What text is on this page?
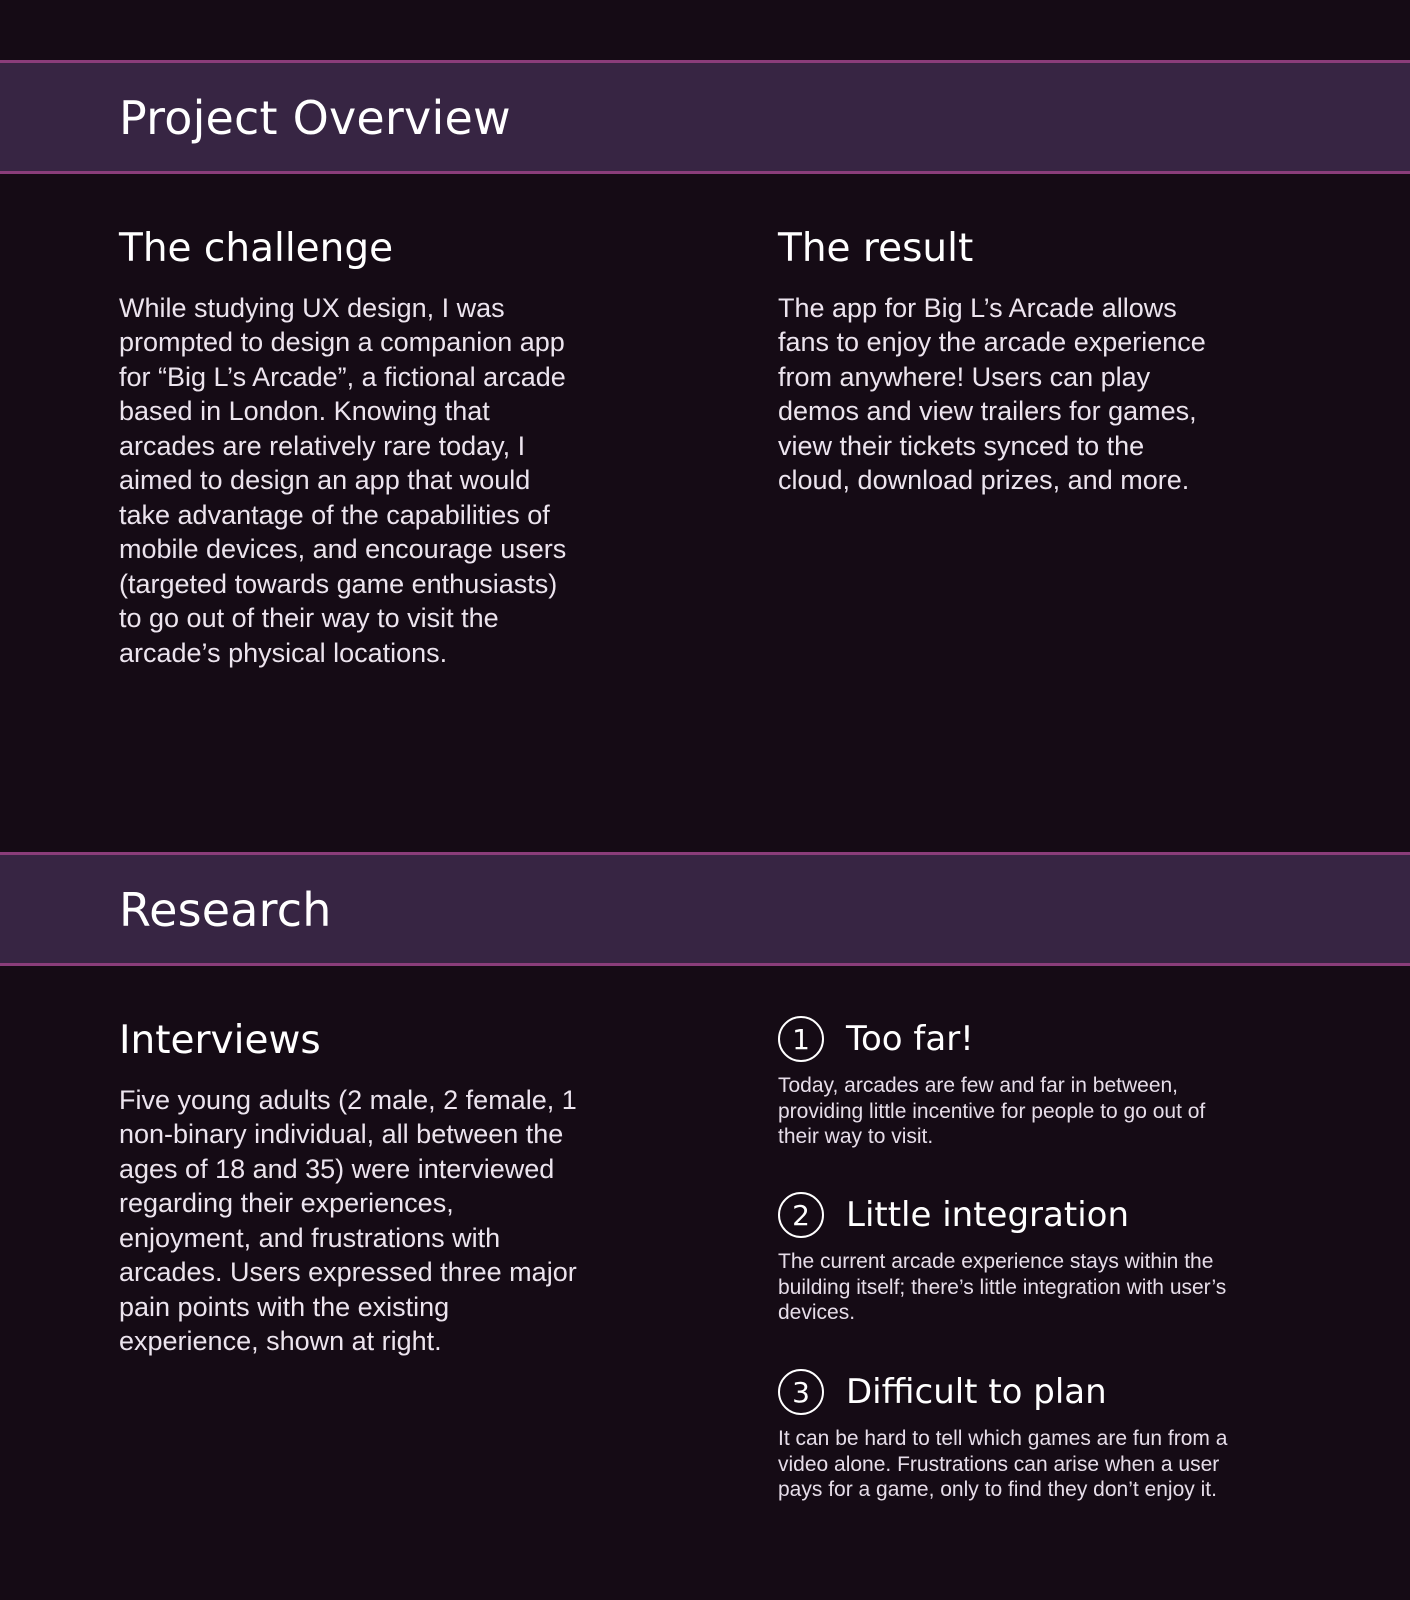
Project Overview
The challenge

While studying UX design, I was prompted to design a companion app for “Big L’s Arcade”, a fictional arcade based in London. Knowing that arcades are relatively rare today, I aimed to design an app that would take advantage of the capabilities of mobile devices, and encourage users (targeted towards game enthusiasts) to go out of their way to visit the arcade’s physical locations.

The result

The app for Big L’s Arcade allows fans to enjoy the arcade experience from anywhere! Users can play demos and view trailers for games, view their tickets synced to the cloud, download prizes, and more.

Research
Interviews

Five young adults (2 male, 2 female, 1 non-binary individual, all between the ages of 18 and 35) were interviewed regarding their experiences, enjoyment, and frustrations with arcades. Users expressed three major pain points with the existing experience, shown at right.

1	Too far!

Today, arcades are few and far in between, providing little incentive for people to go out of their way to visit.

2	Little integration

The current arcade experience stays within the building itself; there’s little integration with user’s devices.

3	Difficult to plan

It can be hard to tell which games are fun from a video alone. Frustrations can arise when a user pays for a game, only to find they don’t enjoy it.
